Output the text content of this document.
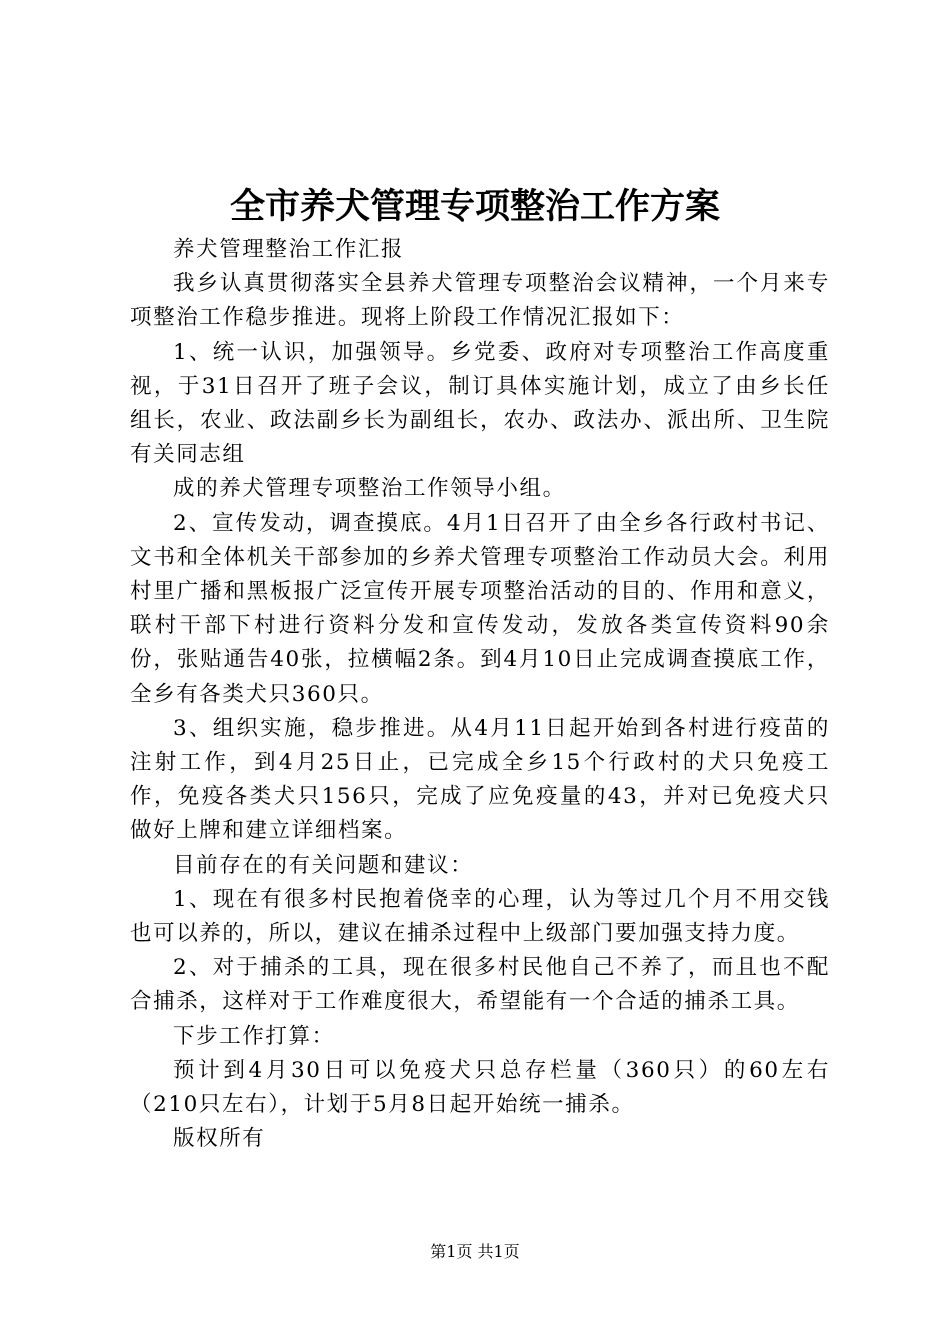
全市养犬管理专项整治工作方案

养犬管理整治工作汇报

我乡认真贯彻落实全县养犬管理专项整治会议精神，一个月来专项整治工作稳步推进。现将上阶段工作情况汇报如下：

1、统一认识，加强领导。乡党委、政府对专项整治工作高度重视，于31日召开了班子会议，制订具体实施计划，成立了由乡长任组长，农业、政法副乡长为副组长，农办、政法办、派出所、卫生院有关同志组

成的养犬管理专项整治工作领导小组。

2、宣传发动，调查摸底。4月1日召开了由全乡各行政村书记、文书和全体机关干部参加的乡养犬管理专项整治工作动员大会。利用村里广播和黑板报广泛宣传开展专项整治活动的目的、作用和意义，联村干部下村进行资料分发和宣传发动，发放各类宣传资料90余份，张贴通告40张，拉横幅2条。到4月10日止完成调查摸底工作，全乡有各类犬只360只。

3、组织实施，稳步推进。从4月11日起开始到各村进行疫苗的注射工作，到4月25日止，已完成全乡15个行政村的犬只免疫工作，免疫各类犬只156只，完成了应免疫量的43，并对已免疫犬只做好上牌和建立详细档案。

目前存在的有关问题和建议：

1、现在有很多村民抱着侥幸的心理，认为等过几个月不用交钱也可以养的，所以，建议在捕杀过程中上级部门要加强支持力度。

2、对于捕杀的工具，现在很多村民他自己不养了，而且也不配合捕杀，这样对于工作难度很大，希望能有一个合适的捕杀工具。

下步工作打算：

预计到4月30日可以免疫犬只总存栏量（360只）的60左右（210只左右），计划于5月8日起开始统一捕杀。

版权所有

第1页 共1页
